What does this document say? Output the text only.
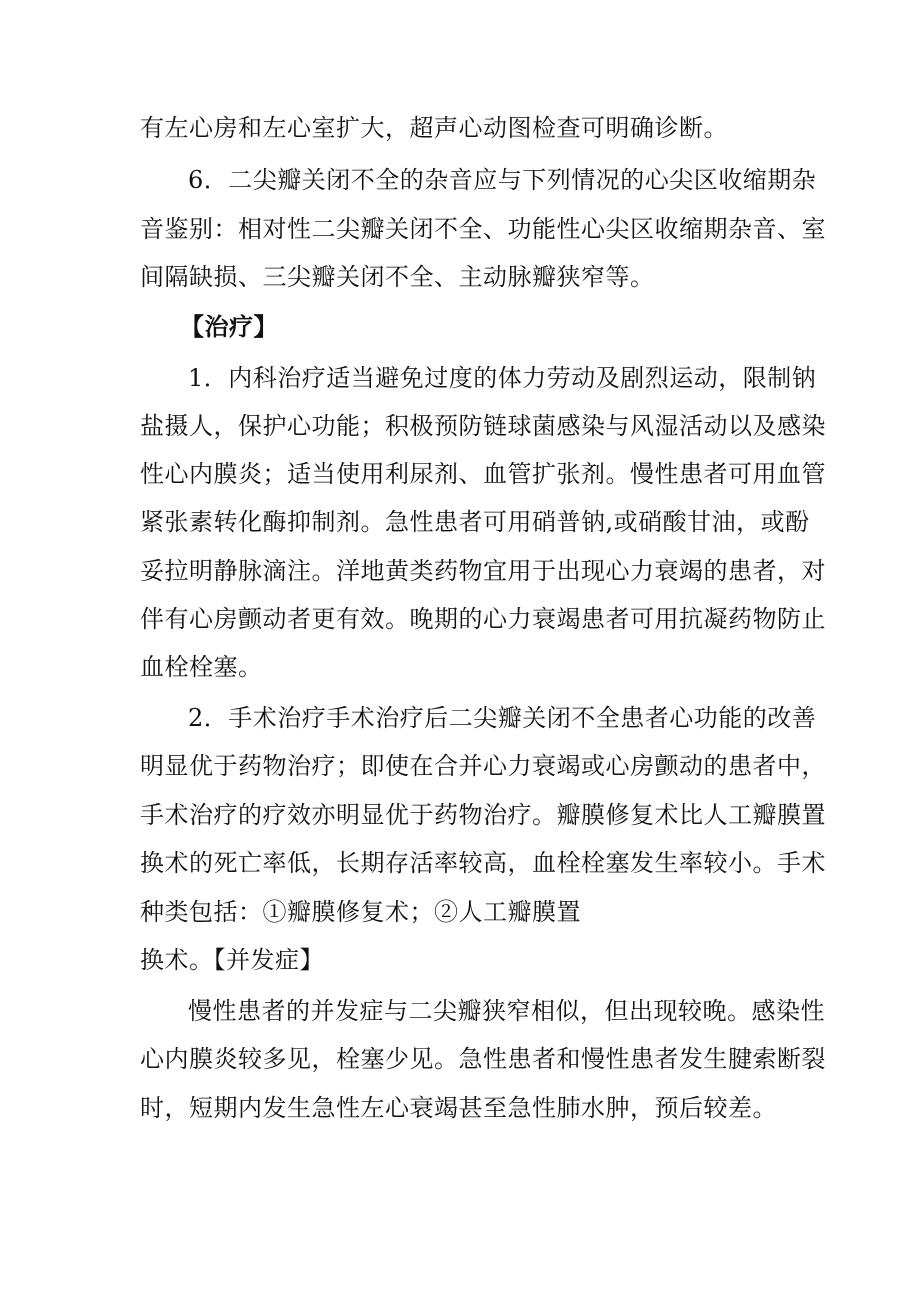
有左心房和左心室扩大，超声心动图检查可明确诊断。
6．二尖瓣关闭不全的杂音应与下列情况的心尖区收缩期杂
音鉴别：相对性二尖瓣关闭不全、功能性心尖区收缩期杂音、室
间隔缺损、三尖瓣关闭不全、主动脉瓣狭窄等。
【治疗】
1．内科治疗适当避免过度的体力劳动及剧烈运动，限制钠
盐摄人，保护心功能；积极预防链球菌感染与风湿活动以及感染
性心内膜炎；适当使用利尿剂、血管扩张剂。慢性患者可用血管
紧张素转化酶抑制剂。急性患者可用硝普钠,或硝酸甘油，或酚
妥拉明静脉滴注。洋地黄类药物宜用于出现心力衰竭的患者，对
伴有心房颤动者更有效。晚期的心力衰竭患者可用抗凝药物防止
血栓栓塞。
2．手术治疗手术治疗后二尖瓣关闭不全患者心功能的改善
明显优于药物治疗；即使在合并心力衰竭或心房颤动的患者中，
手术治疗的疗效亦明显优于药物治疗。瓣膜修复术比人工瓣膜置
换术的死亡率低，长期存活率较高，血栓栓塞发生率较小。手术
种类包括：①瓣膜修复术；②人工瓣膜置
换术。【并发症】
慢性患者的并发症与二尖瓣狭窄相似，但出现较晚。感染性
心内膜炎较多见，栓塞少见。急性患者和慢性患者发生腱索断裂
时，短期内发生急性左心衰竭甚至急性肺水肿，预后较差。
